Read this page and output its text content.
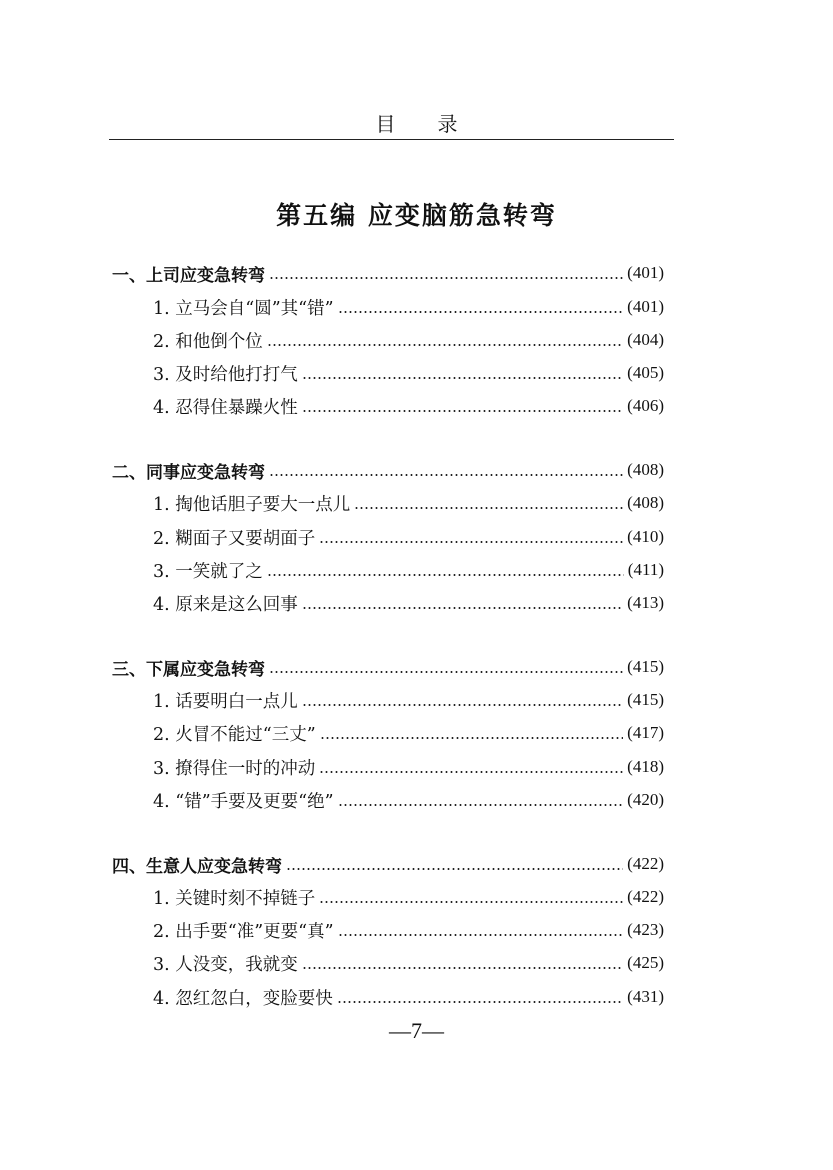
目 录
第五编 应变脑筋急转弯
一、上司应变急转弯	(401)
1. 立马会自“圆”其“错”	(401)
2. 和他倒个位	(404)
3. 及时给他打打气	(405)
4. 忍得住暴躁火性	(406)
二、同事应变急转弯	(408)
1. 掏他话胆子要大一点儿	(408)
2. 糊面子又要胡面子	(410)
3. 一笑就了之	(411)
4. 原来是这么回事	(413)
三、下属应变急转弯	(415)
1. 话要明白一点儿	(415)
2. 火冒不能过“三丈”	(417)
3. 撩得住一时的冲动	(418)
4. “错”手要及更要“绝”	(420)
四、生意人应变急转弯	(422)
1. 关键时刻不掉链子	(422)
2. 出手要“准”更要“真”	(423)
3. 人没变，我就变	(425)
4. 忽红忽白，变脸要快	(431)
—7—
